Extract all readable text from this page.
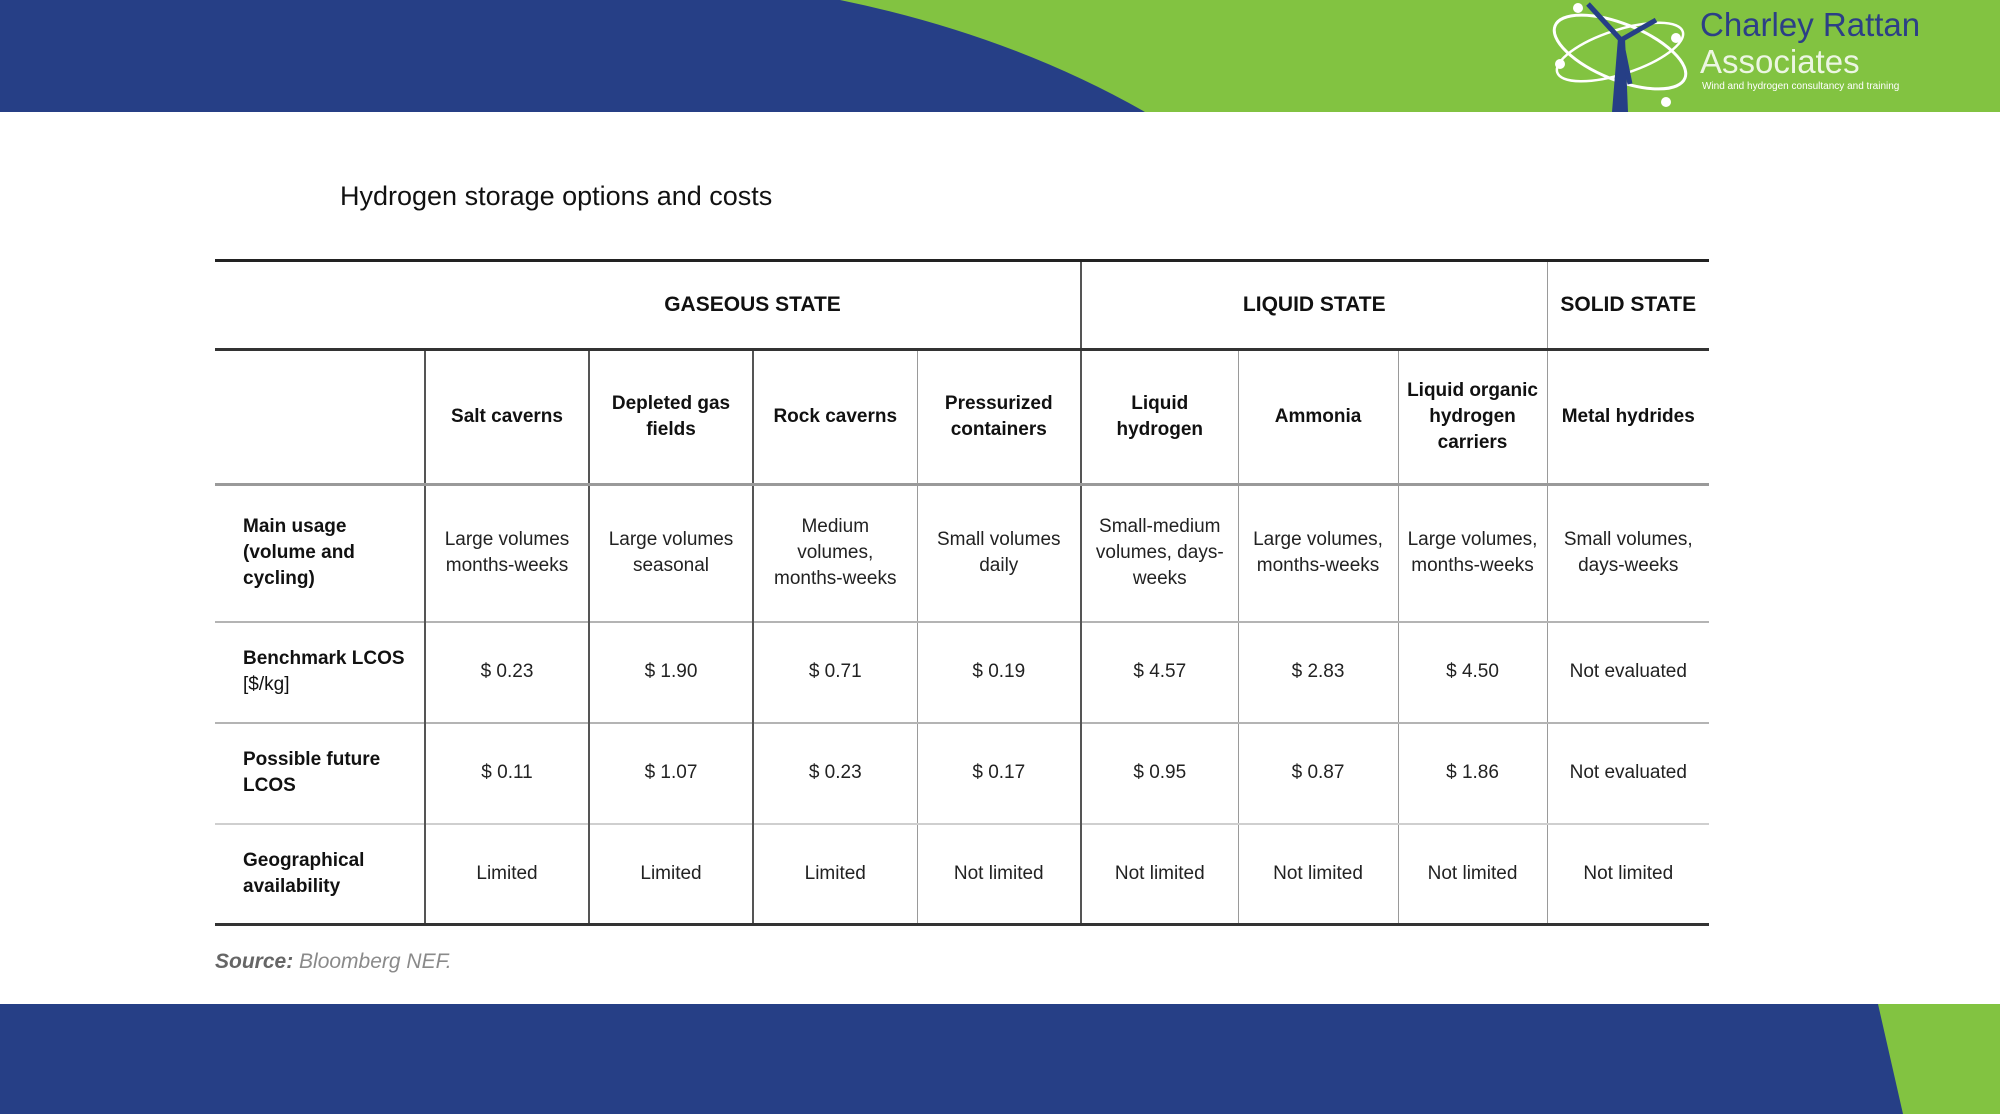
Charley Rattan
Associates
Wind and hydrogen consultancy and training
Hydrogen storage options and costs
	GASEOUS STATE				LIQUID STATE			SOLID STATE
	Salt caverns	Depleted gas fields	Rock caverns	Pressurized containers	Liquid hydrogen	Ammonia	Liquid organic hydrogen carriers	Metal hydrides
Main usage (volume and cycling)	Large volumes months-weeks	Large volumes seasonal	Medium volumes, months-weeks	Small volumes daily	Small-medium volumes, days-weeks	Large volumes, months-weeks	Large volumes, months-weeks	Small volumes, days-weeks
Benchmark LCOS [$/kg]	$ 0.23	$ 1.90	$ 0.71	$ 0.19	$ 4.57	$ 2.83	$ 4.50	Not evaluated
Possible future LCOS	$ 0.11	$ 1.07	$ 0.23	$ 0.17	$ 0.95	$ 0.87	$ 1.86	Not evaluated
Geographical availability	Limited	Limited	Limited	Not limited	Not limited	Not limited	Not limited	Not limited
Source: Bloomberg NEF.
